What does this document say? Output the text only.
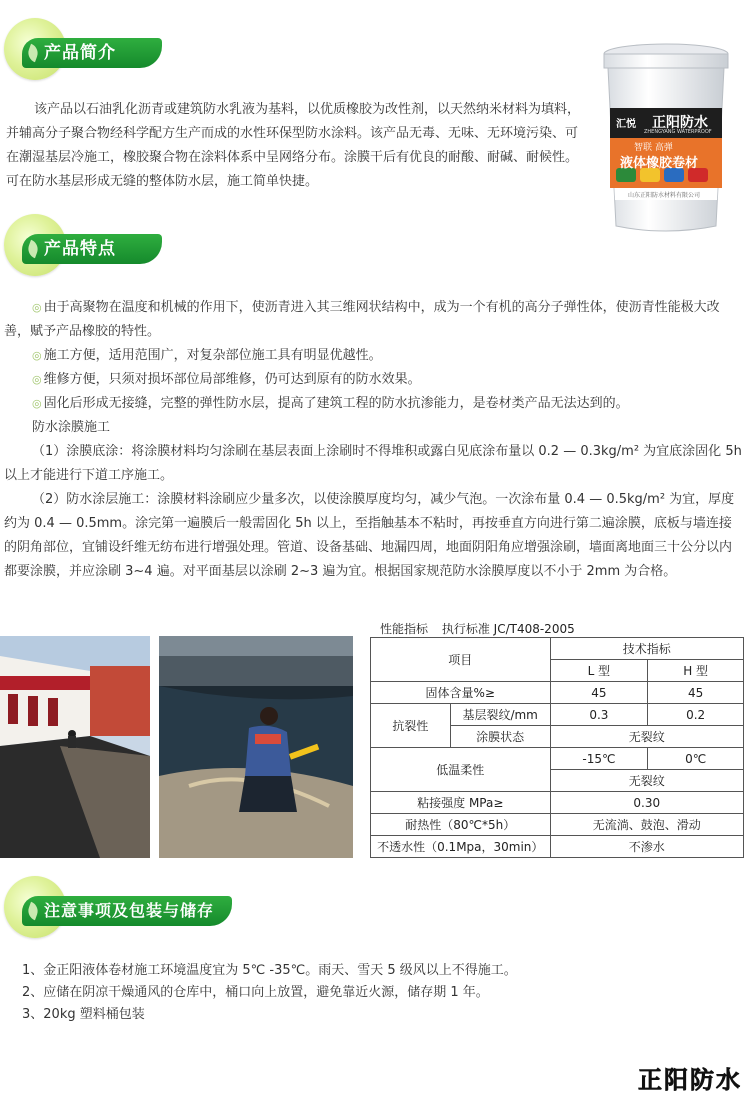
产品简介
该产品以石油乳化沥青或建筑防水乳液为基料，以优质橡胶为改性剂，以天然纳米材料为填料，并辅高分子聚合物经科学配方生产而成的水性环保型防水涂料。该产品无毒、无味、无环境污染、可在潮湿基层冷施工，橡胶聚合物在涂料体系中呈网络分布。涂膜干后有优良的耐酸、耐碱、耐候性。可在防水基层形成无缝的整体防水层，施工简单快捷。
汇悦 正阳防水
ZHENGYANG WATERPROOF
智联 高弹
液体橡胶卷材
山东正阳防水材料有限公司
产品特点
◎ 由于高聚物在温度和机械的作用下，使沥青进入其三维网状结构中，成为一个有机的高分子弹性体，使沥青性能极大改善，赋予产品橡胶的特性。
◎ 施工方便，适用范围广，对复杂部位施工具有明显优越性。
◎ 维修方便，只须对损坏部位局部维修，仍可达到原有的防水效果。
◎ 固化后形成无接缝，完整的弹性防水层，提高了建筑工程的防水抗渗能力，是卷材类产品无法达到的。
防水涂膜施工
（1）涂膜底涂：将涂膜材料均匀涂刷在基层表面上涂刷时不得堆积或露白见底涂布量以 0.2 — 0.3kg/m² 为宜底涂固化 5h 以上才能进行下道工序施工。
（2）防水涂层施工：涂膜材料涂刷应少量多次，以使涂膜厚度均匀，减少气泡。一次涂布量 0.4 — 0.5kg/m² 为宜，厚度约为 0.4 — 0.5mm。涂完第一遍膜后一般需固化 5h 以上，至指触基本不粘时，再按垂直方向进行第二遍涂膜，底板与墙连接的阴角部位，宜铺设纤维无纺布进行增强处理。管道、设备基础、地漏四周，地面阴阳角应增强涂刷，墙面离地面三十公分以内都要涂膜，并应涂刷 3~4 遍。对平面基层以涂刷 2~3 遍为宜。根据国家规范防水涂膜厚度以不小于 2mm 为合格。
性能指标 执行标准 JC/T408-2005
项目		技术指标	
		L 型	H 型
固体含量%≥		45	45
抗裂性	基层裂纹/mm	0.3	0.2
	涂膜状态	无裂纹	
低温柔性		-15℃	0℃
		无裂纹	
粘接强度 MPa≥		0.30	
耐热性（80℃*5h）		无流淌、鼓泡、滑动	
不透水性（0.1Mpa，30min）		不渗水	
注意事项及包装与储存
1、金正阳液体卷材施工环境温度宜为 5℃ -35℃。雨天、雪天 5 级风以上不得施工。
2、应储在阴凉干燥通风的仓库中，桶口向上放置，避免靠近火源，储存期 1 年。
3、20kg 塑料桶包装
正阳防水
